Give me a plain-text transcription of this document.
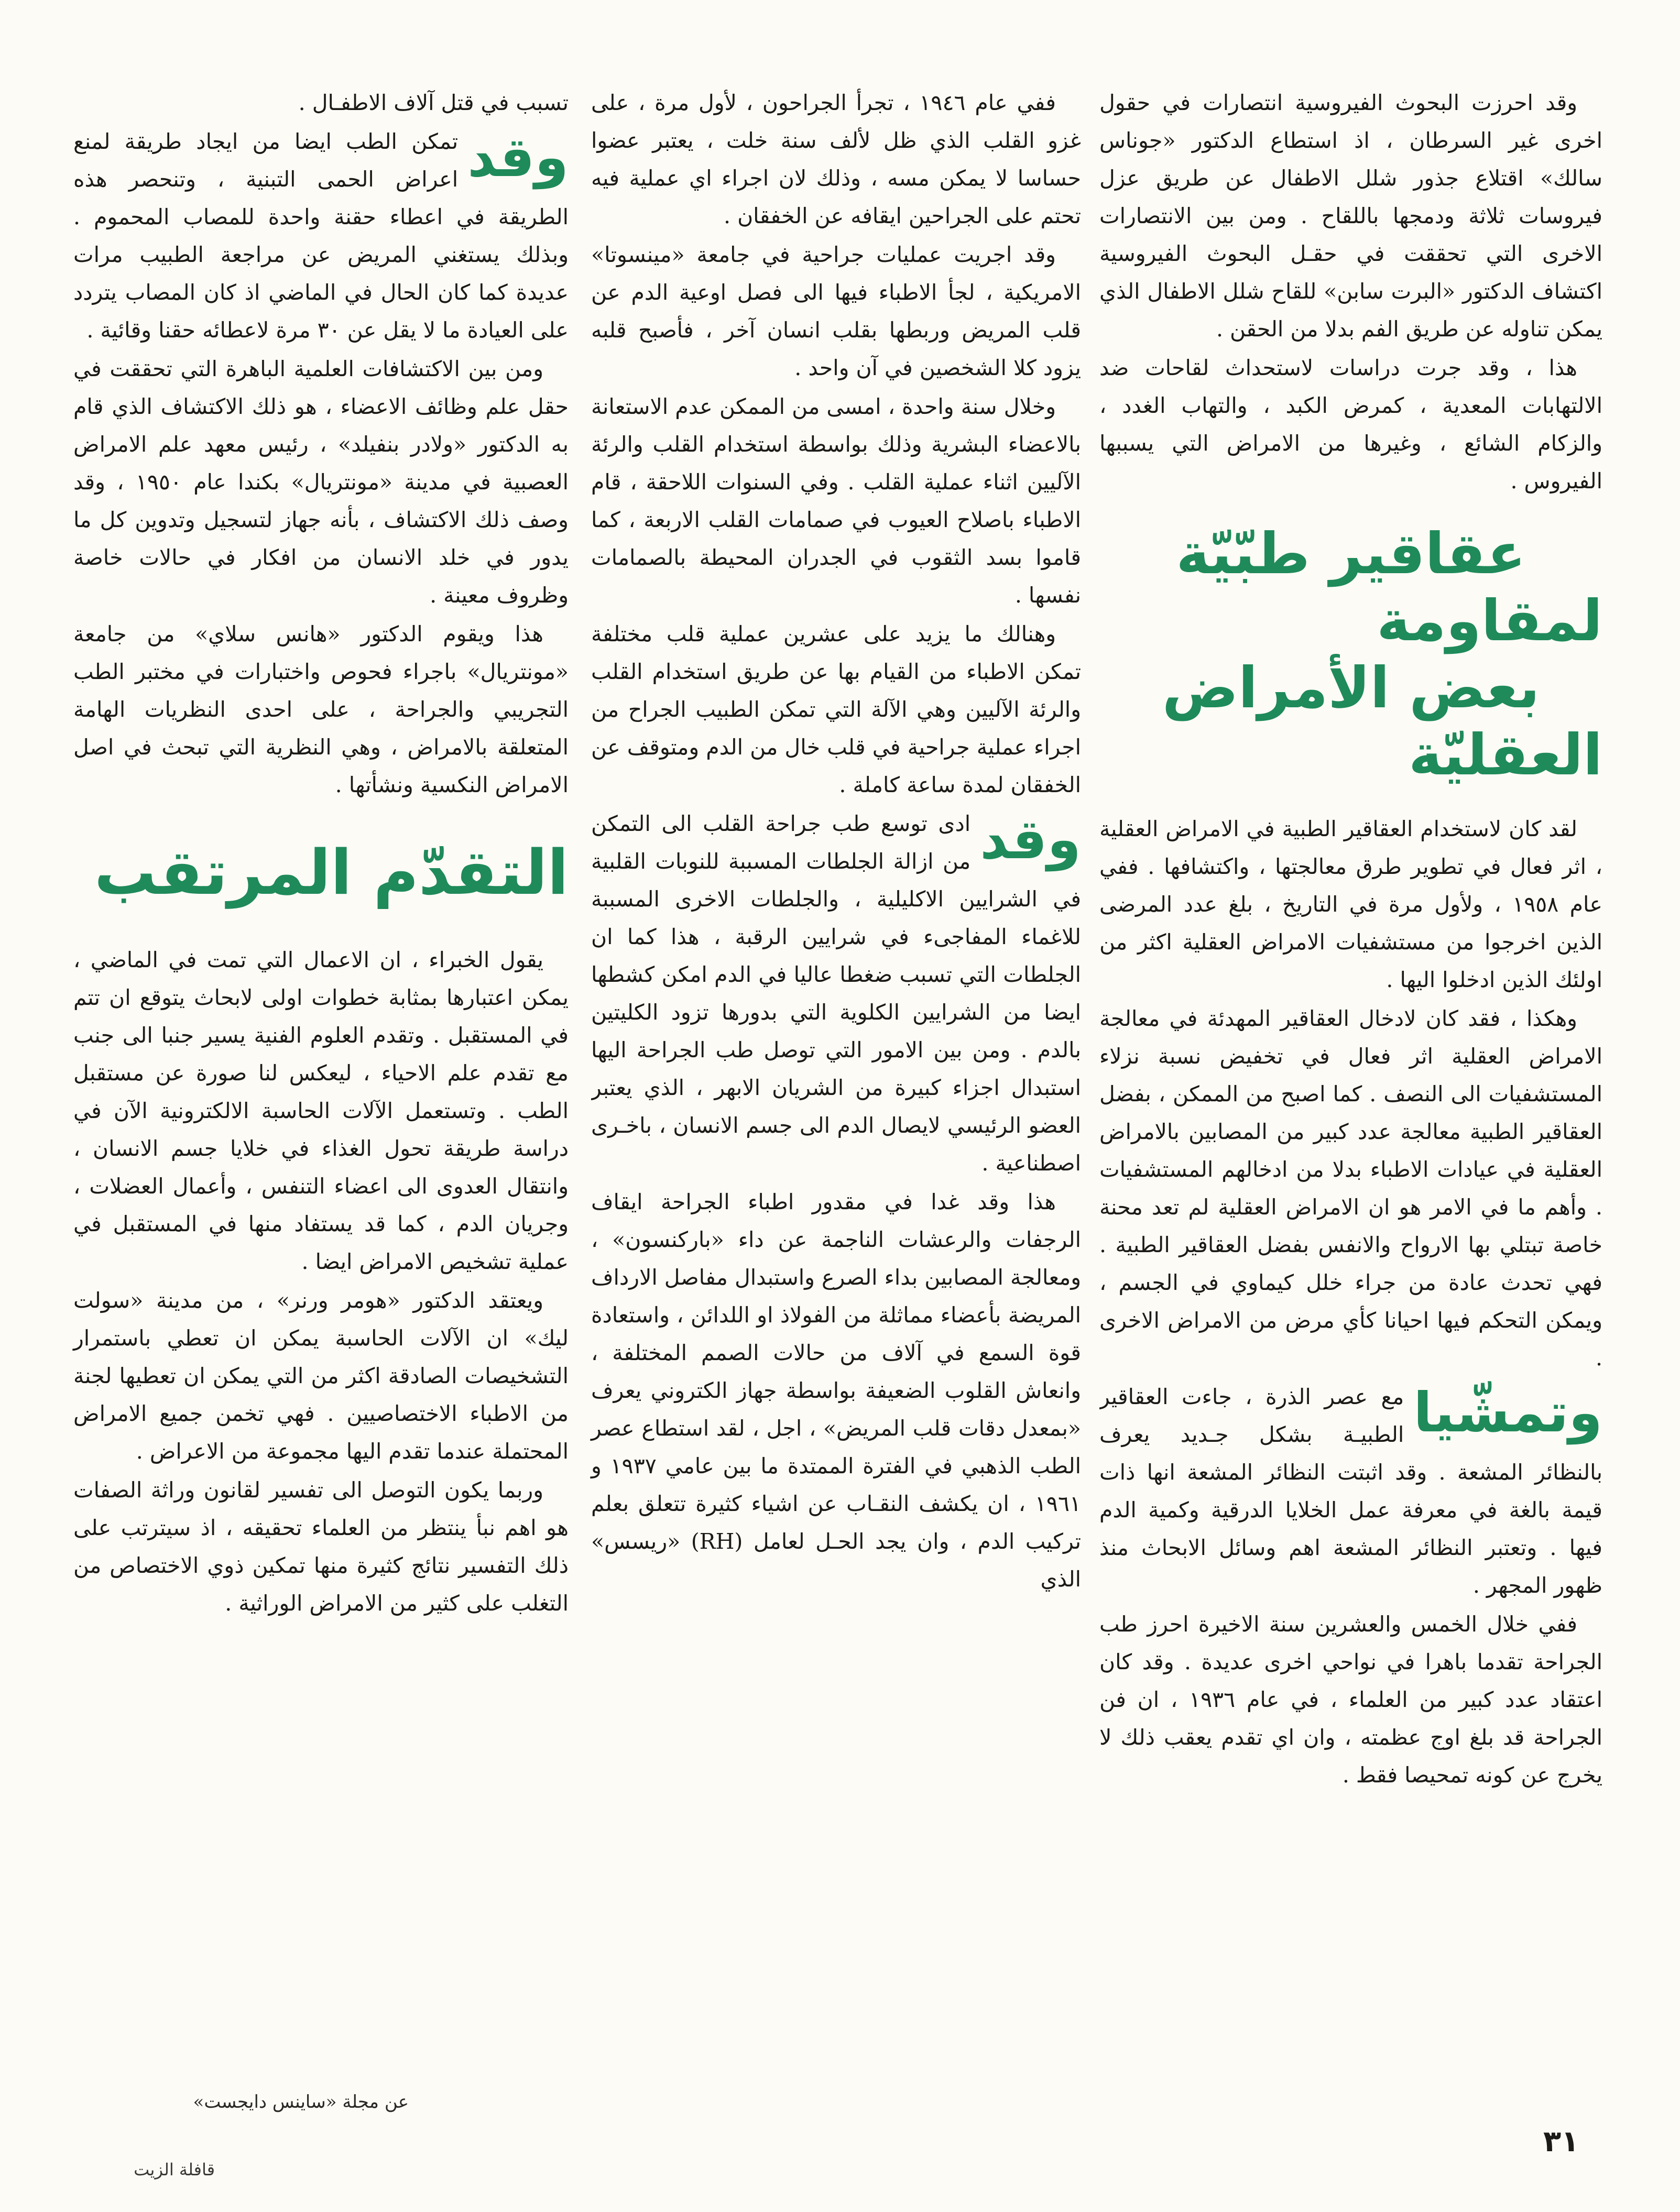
وقد احرزت البحوث الفيروسية انتصارات في حقول اخرى غير السرطان ، اذ استطاع الدكتور «جوناس سالك» اقتلاع جذور شلل الاطفال عن طريق عزل فيروسات ثلاثة ودمجها باللقاح . ومن بين الانتصارات الاخرى التي تحققت في حقـل البحوث الفيروسية اكتشاف الدكتور «البرت سابن» للقاح شلل الاطفال الذي يمكن تناوله عن طريق الفم بدلا من الحقن .

هذا ، وقد جرت دراسات لاستحداث لقاحات ضد الالتهابات المعدية ، كمرض الكبد ، والتهاب الغدد ، والزكام الشائع ، وغيرها من الامراض التي يسببها الفيروس .

عقاقير طبّيّة لمقاومة
بعض الأمراض العقليّة

لقد كان لاستخدام العقاقير الطبية في الامراض العقلية ، اثر فعال في تطوير طرق معالجتها ، واكتشافها . ففي عام ١٩٥٨ ، ولأول مرة في التاريخ ، بلغ عدد المرضى الذين اخرجوا من مستشفيات الامراض العقلية اكثر من اولئك الذين ادخلوا اليها .

وهكذا ، فقد كان لادخال العقاقير المهدئة في معالجة الامراض العقلية اثر فعال في تخفيض نسبة نزلاء المستشفيات الى النصف . كما اصبح من الممكن ، بفضل العقاقير الطبية معالجة عدد كبير من المصابين بالامراض العقلية في عيادات الاطباء بدلا من ادخالهم المستشفيات . وأهم ما في الامر هو ان الامراض العقلية لم تعد محنة خاصة تبتلي بها الارواح والانفس بفضل العقاقير الطبية . فهي تحدث عادة من جراء خلل كيماوي في الجسم ، ويمكن التحكم فيها احيانا كأي مرض من الامراض الاخرى .

وتمشّيا
مع عصر الذرة ، جاءت العقاقير الطبيـة بشكل جـديد يعرف بالنظائر المشعة . وقد اثبتت النظائر المشعة انها ذات قيمة بالغة في معرفة عمل الخلايا الدرقية وكمية الدم فيها . وتعتبر النظائر المشعة اهم وسائل الابحاث منذ ظهور المجهر .

ففي خلال الخمس والعشرين سنة الاخيرة احرز طب الجراحة تقدما باهرا في نواحي اخرى عديدة . وقد كان اعتقاد عدد كبير من العلماء ، في عام ١٩٣٦ ، ان فن الجراحة قد بلغ اوج عظمته ، وان اي تقدم يعقب ذلك لا يخرج عن كونه تمحيصا فقط .

ففي عام ١٩٤٦ ، تجرأ الجراحون ، لأول مرة ، على غزو القلب الذي ظل لألف سنة خلت ، يعتبر عضوا حساسا لا يمكن مسه ، وذلك لان اجراء اي عملية فيه تحتم على الجراحين ايقافه عن الخفقان .

وقد اجريت عمليات جراحية في جامعة «مينسوتا» الامريكية ، لجأ الاطباء فيها الى فصل اوعية الدم عن قلب المريض وربطها بقلب انسان آخر ، فأصبح قلبه يزود كلا الشخصين في آن واحد .

وخلال سنة واحدة ، امسى من الممكن عدم الاستعانة بالاعضاء البشرية وذلك بواسطة استخدام القلب والرئة الآليين اثناء عملية القلب . وفي السنوات اللاحقة ، قام الاطباء باصلاح العيوب في صمامات القلب الاربعة ، كما قاموا بسد الثقوب في الجدران المحيطة بالصمامات نفسها .

وهنالك ما يزيد على عشرين عملية قلب مختلفة تمكن الاطباء من القيام بها عن طريق استخدام القلب والرئة الآليين وهي الآلة التي تمكن الطبيب الجراح من اجراء عملية جراحية في قلب خال من الدم ومتوقف عن الخفقان لمدة ساعة كاملة .

وقد
ادى توسع طب جراحة القلب الى التمكن من ازالة الجلطات المسببة للنوبات القلبية في الشرايين الاكليلية ، والجلطات الاخرى المسببة للاغماء المفاجىء في شرايين الرقبة ، هذا كما ان الجلطات التي تسبب ضغطا عاليا في الدم امكن كشطها ايضا من الشرايين الكلوية التي بدورها تزود الكليتين بالدم . ومن بين الامور التي توصل طب الجراحة اليها استبدال اجزاء كبيرة من الشريان الابهر ، الذي يعتبر العضو الرئيسي لايصال الدم الى جسم الانسان ، باخـرى اصطناعية .

هذا وقد غدا في مقدور اطباء الجراحة ايقاف الرجفات والرعشات الناجمة عن داء «باركنسون» ، ومعالجة المصابين بداء الصرع واستبدال مفاصل الارداف المريضة بأعضاء مماثلة من الفولاذ او اللدائن ، واستعادة قوة السمع في آلاف من حالات الصمم المختلفة ، وانعاش القلوب الضعيفة بواسطة جهاز الكتروني يعرف «بمعدل دقات قلب المريض» ، اجل ، لقد استطاع عصر الطب الذهبي في الفترة الممتدة ما بين عامي ١٩٣٧ و ١٩٦١ ، ان يكشف النقـاب عن اشياء كثيرة تتعلق بعلم تركيب الدم ، وان يجد الحـل لعامل (RH) «ريسس» الذي

تسبب في قتل آلاف الاطفـال .

وقد
تمكن الطب ايضا من ايجاد طريقة لمنع اعراض الحمى التبنية ، وتنحصر هذه الطريقة في اعطاء حقنة واحدة للمصاب المحموم . وبذلك يستغني المريض عن مراجعة الطبيب مرات عديدة كما كان الحال في الماضي اذ كان المصاب يتردد على العيادة ما لا يقل عن ٣٠ مرة لاعطائه حقنا وقائية .

ومن بين الاكتشافات العلمية الباهرة التي تحققت في حقل علم وظائف الاعضاء ، هو ذلك الاكتشاف الذي قام به الدكتور «ولادر بنفيلد» ، رئيس معهد علم الامراض العصبية في مدينة «مونتريال» بكندا عام ١٩٥٠ ، وقد وصف ذلك الاكتشاف ، بأنه جهاز لتسجيل وتدوين كل ما يدور في خلد الانسان من افكار في حالات خاصة وظروف معينة .

هذا ويقوم الدكتور «هانس سلاي» من جامعة «مونتريال» باجراء فحوص واختبارات في مختبر الطب التجريبي والجراحة ، على احدى النظريات الهامة المتعلقة بالامراض ، وهي النظرية التي تبحث في اصل الامراض النكسية ونشأتها .

التقدّم المرتقب

يقول الخبراء ، ان الاعمال التي تمت في الماضي ، يمكن اعتبارها بمثابة خطوات اولى لابحاث يتوقع ان تتم في المستقبل . وتقدم العلوم الفنية يسير جنبا الى جنب مع تقدم علم الاحياء ، ليعكس لنا صورة عن مستقبل الطب . وتستعمل الآلات الحاسبة الالكترونية الآن في دراسة طريقة تحول الغذاء في خلايا جسم الانسان ، وانتقال العدوى الى اعضاء التنفس ، وأعمال العضلات ، وجريان الدم ، كما قد يستفاد منها في المستقبل في عملية تشخيص الامراض ايضا .

ويعتقد الدكتور «هومر ورنر» ، من مدينة «سولت ليك» ان الآلات الحاسبة يمكن ان تعطي باستمرار التشخيصات الصادقة اكثر من التي يمكن ان تعطيها لجنة من الاطباء الاختصاصيين . فهي تخمن جميع الامراض المحتملة عندما تقدم اليها مجموعة من الاعراض .

وربما يكون التوصل الى تفسير لقانون وراثة الصفات هو اهم نبأ ينتظر من العلماء تحقيقه ، اذ سيترتب على ذلك التفسير نتائج كثيرة منها تمكين ذوي الاختصاص من التغلب على كثير من الامراض الوراثية .

عن مجلة «ساينس دايجست»
قافلة الزيت
٣١
